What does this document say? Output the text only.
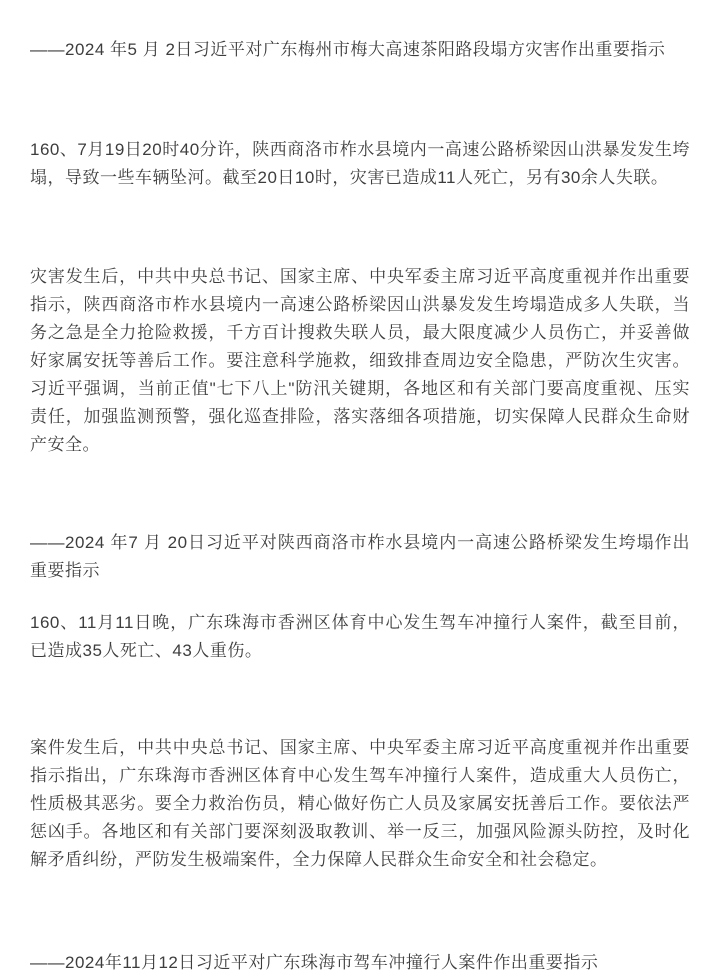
——2024 年5 月 2日习近平对广东梅州市梅大高速茶阳路段塌方灾害作出重要指示

160、7月19日20时40分许，陕西商洛市柞水县境内一高速公路桥梁因山洪暴发发生垮塌，导致一些车辆坠河。截至20日10时，灾害已造成11人死亡，另有30余人失联。

灾害发生后，中共中央总书记、国家主席、中央军委主席习近平高度重视并作出重要指示，陕西商洛市柞水县境内一高速公路桥梁因山洪暴发发生垮塌造成多人失联，当务之急是全力抢险救援，千方百计搜救失联人员，最大限度减少人员伤亡，并妥善做好家属安抚等善后工作。要注意科学施救，细致排查周边安全隐患，严防次生灾害。习近平强调，当前正值"七下八上"防汛关键期，各地区和有关部门要高度重视、压实责任，加强监测预警，强化巡查排险，落实落细各项措施，切实保障人民群众生命财产安全。

——2024 年7 月 20日习近平对陕西商洛市柞水县境内一高速公路桥梁发生垮塌作出重要指示

160、11月11日晚，广东珠海市香洲区体育中心发生驾车冲撞行人案件，截至目前，已造成35人死亡、43人重伤。

案件发生后，中共中央总书记、国家主席、中央军委主席习近平高度重视并作出重要指示指出，广东珠海市香洲区体育中心发生驾车冲撞行人案件，造成重大人员伤亡，性质极其恶劣。要全力救治伤员，精心做好伤亡人员及家属安抚善后工作。要依法严惩凶手。各地区和有关部门要深刻汲取教训、举一反三，加强风险源头防控，及时化解矛盾纠纷，严防发生极端案件，全力保障人民群众生命安全和社会稳定。

——2024年11月12日习近平对广东珠海市驾车冲撞行人案件作出重要指示
